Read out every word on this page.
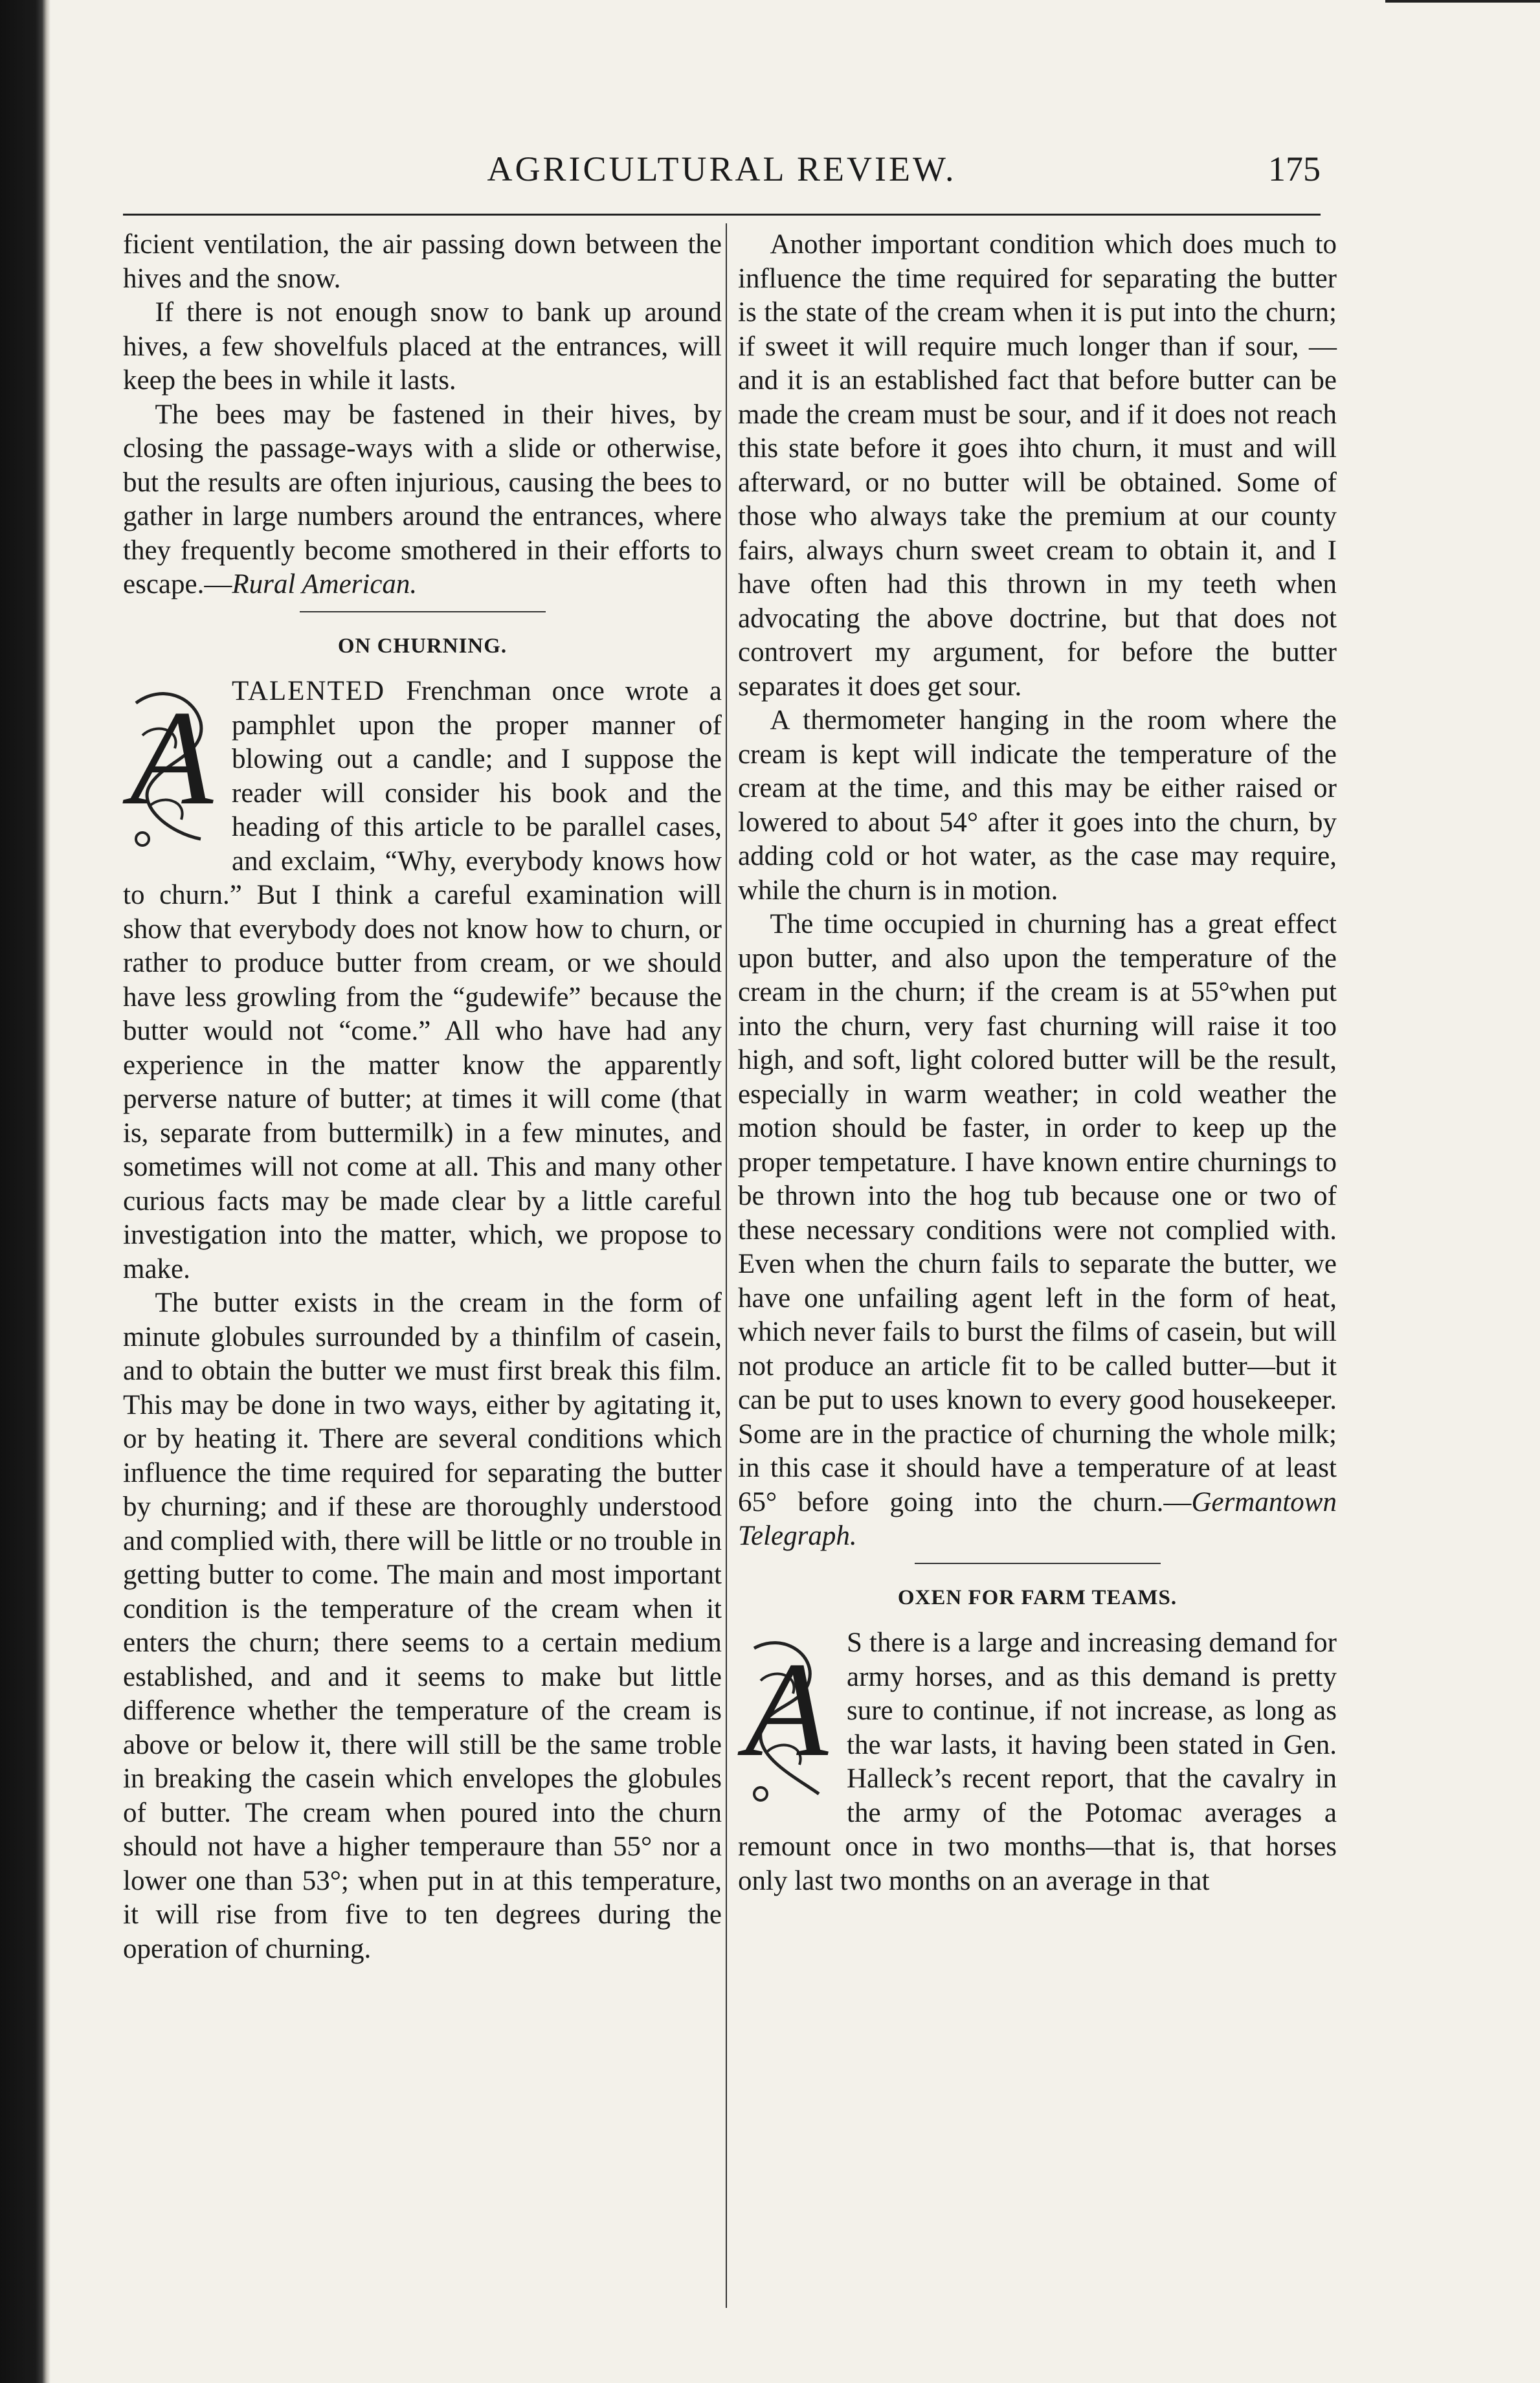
AGRICULTURAL REVIEW.	175

ficient ventilation, the air passing down between the hives and the snow.

If there is not enough snow to bank up around hives, a few shovelfuls placed at the entrances, will keep the bees in while it lasts.

The bees may be fastened in their hives, by closing the passage-ways with a slide or otherwise, but the results are often injurious, causing the bees to gather in large numbers around the entrances, where they frequently become smothered in their efforts to escape.—Rural American.

ON CHURNING.

A TALENTED Frenchman once wrote a pamphlet upon the proper manner of blowing out a candle; and I suppose the reader will consider his book and the heading of this article to be parallel cases, and exclaim, “Why, everybody knows how to churn.” But I think a careful examination will show that everybody does not know how to churn, or rather to produce butter from cream, or we should have less growling from the “gudewife” because the butter would not “come.” All who have had any experience in the matter know the apparently perverse nature of butter; at times it will come (that is, separate from buttermilk) in a few minutes, and sometimes will not come at all. This and many other curious facts may be made clear by a little careful investigation into the matter, which, we propose to make.

The butter exists in the cream in the form of minute globules surrounded by a thinfilm of casein, and to obtain the butter we must first break this film. This may be done in two ways, either by agitating it, or by heating it. There are several conditions which influence the time required for separating the butter by churning; and if these are thoroughly understood and complied with, there will be little or no trouble in getting butter to come. The main and most important condition is the temperature of the cream when it enters the churn; there seems to a certain medium established, and and it seems to make but little difference whether the temperature of the cream is above or below it, there will still be the same troble in breaking the casein which envelopes the globules of butter. The cream when poured into the churn should not have a higher temperaure than 55° nor a lower one than 53°; when put in at this temperature, it will rise from five to ten degrees during the operation of churning.

Another important condition which does much to influence the time required for separating the butter is the state of the cream when it is put into the churn; if sweet it will require much longer than if sour, —and it is an established fact that before butter can be made the cream must be sour, and if it does not reach this state before it goes ihto churn, it must and will afterward, or no butter will be obtained. Some of those who always take the premium at our county fairs, always churn sweet cream to obtain it, and I have often had this thrown in my teeth when advocating the above doctrine, but that does not controvert my argument, for before the butter separates it does get sour.

A thermometer hanging in the room where the cream is kept will indicate the temperature of the cream at the time, and this may be either raised or lowered to about 54° after it goes into the churn, by adding cold or hot water, as the case may require, while the churn is in motion.

The time occupied in churning has a great effect upon butter, and also upon the temperature of the cream in the churn; if the cream is at 55°when put into the churn, very fast churning will raise it too high, and soft, light colored butter will be the result, especially in warm weather; in cold weather the motion should be faster, in order to keep up the proper tempetature. I have known entire churnings to be thrown into the hog tub because one or two of these necessary conditions were not complied with. Even when the churn fails to separate the butter, we have one unfailing agent left in the form of heat, which never fails to burst the films of casein, but will not produce an article fit to be called butter—but it can be put to uses known to every good housekeeper. Some are in the practice of churning the whole milk; in this case it should have a temperature of at least 65° before going into the churn.—Germantown Telegraph.

OXEN FOR FARM TEAMS.

A S there is a large and increasing demand for army horses, and as this demand is pretty sure to continue, if not increase, as long as the war lasts, it having been stated in Gen. Halleck’s recent report, that the cavalry in the army of the Potomac averages a remount once in two months—that is, that horses only last two months on an average in that
